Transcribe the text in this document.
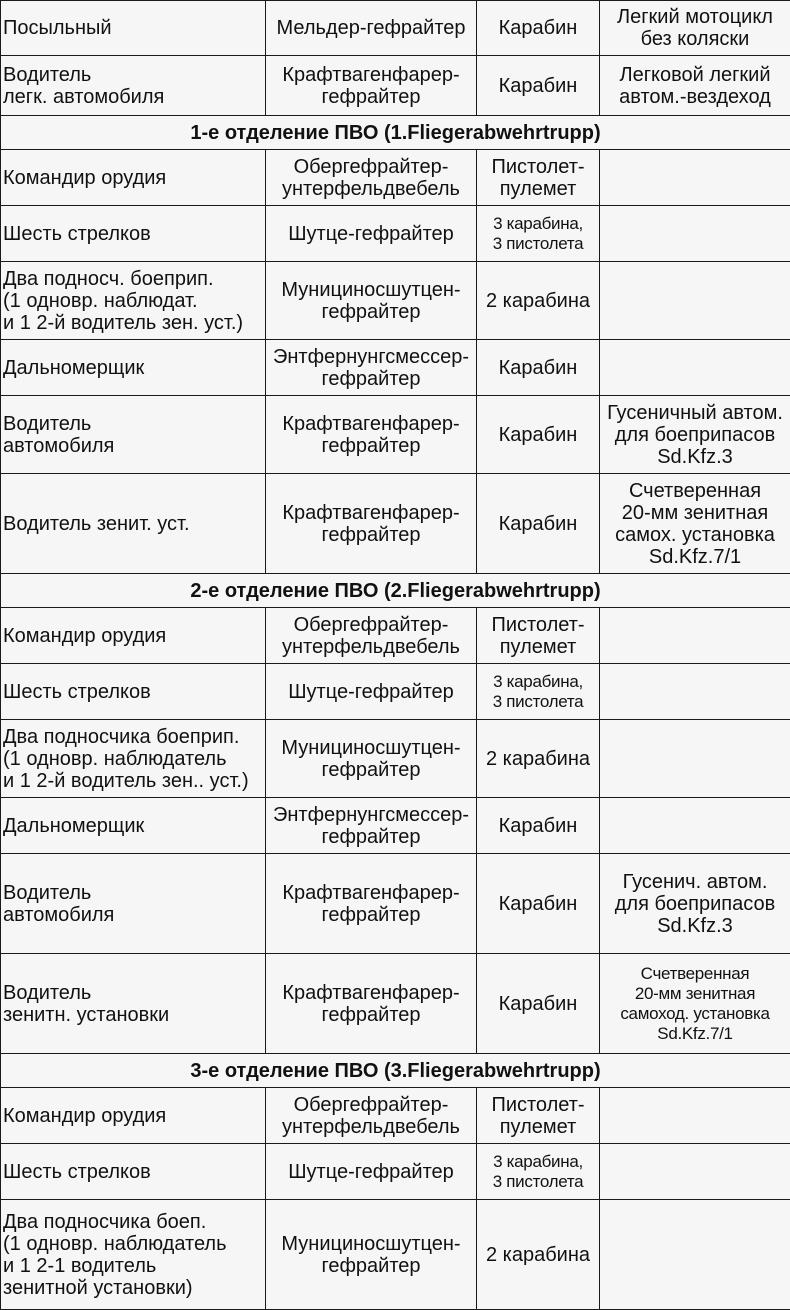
Посыльный	Мельдер-гефрайтер	Карабин	Легкий мотоцикл
без коляски

Водитель
легк. автомобиля	Крафтвагенфарер-
гефрайтер	Карабин	Легковой легкий
автом.-вездеход

1-е отделение ПВО (1.Fliegerabwehrtrupp)			

Командир орудия	Обергефрайтер-
унтерфельдвебель	Пистолет-
пулемет	

Шесть стрелков	Шутце-гефрайтер	3 карабина,
3 пистолета	

Два подносч. боеприп.
(1 одновр. наблюдат.
и 1 2-й водитель зен. уст.)	Мунициносшутцен-
гефрайтер	2 карабина	

Дальномерщик	Энтфернунгсмессер-
гефрайтер	Карабин	

Водитель
автомобиля	Крафтвагенфарер-
гефрайтер	Карабин	Гусеничный автом.
для боеприпасов
Sd.Kfz.3

Водитель зенит. уст.	Крафтвагенфарер-
гефрайтер	Карабин	Счетверенная
20-мм зенитная
самох. установка
Sd.Kfz.7/1

2-е отделение ПВО (2.Fliegerabwehrtrupp)			

Командир орудия	Обергефрайтер-
унтерфельдвебель	Пистолет-
пулемет	

Шесть стрелков	Шутце-гефрайтер	3 карабина,
3 пистолета	

Два подносчика боеприп.
(1 одновр. наблюдатель
и 1 2-й водитель зен.. уст.)	Мунициносшутцен-
гефрайтер	2 карабина	

Дальномерщик	Энтфернунгсмессер-
гефрайтер	Карабин	

Водитель
автомобиля	Крафтвагенфарер-
гефрайтер	Карабин	Гусенич. автом.
для боеприпасов
Sd.Kfz.3

Водитель
зенитн. установки	Крафтвагенфарер-
гефрайтер	Карабин	Счетверенная
20-мм зенитная
самоход. установка
Sd.Kfz.7/1

3-е отделение ПВО (3.Fliegerabwehrtrupp)			

Командир орудия	Обергефрайтер-
унтерфельдвебель	Пистолет-
пулемет	

Шесть стрелков	Шутце-гефрайтер	3 карабина,
3 пистолета	

Два подносчика боеп.
(1 одновр. наблюдатель
и 1 2-1 водитель
зенитной установки)	Мунициносшутцен-
гефрайтер	2 карабина	
